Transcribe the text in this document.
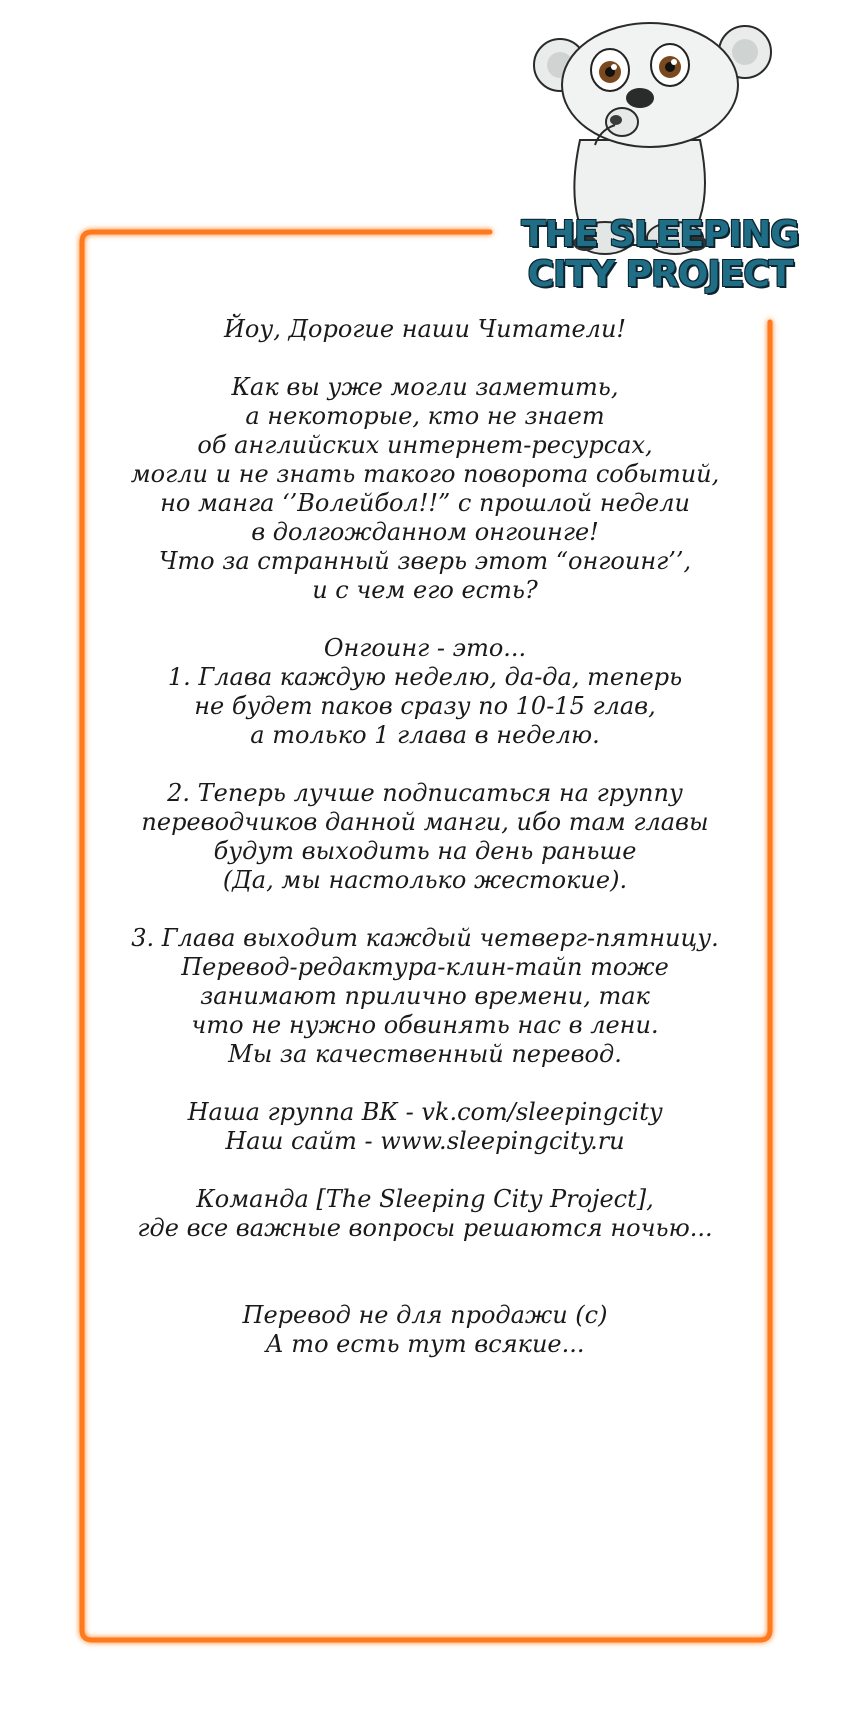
THE SLEEPING
CITY PROJECT

Йоу, Дорогие наши Читатели!

Как вы уже могли заметить,
а некоторые, кто не знает
об английских интернет-ресурсах,
могли и не знать такого поворота событий,
но манга ‘’Волейбол!!” с прошлой недели
в долгожданном онгоинге!
Что за странный зверь этот “онгоинг’’,
и с чем его есть?

Онгоинг - это...
1. Глава каждую неделю, да-да, теперь
не будет паков сразу по 10-15 глав,
а только 1 глава в неделю.

2. Теперь лучше подписаться на группу
переводчиков данной манги, ибо там главы
будут выходить на день раньше
(Да, мы настолько жестокие).

3. Глава выходит каждый четверг-пятницу.
Перевод-редактура-клин-тайп тоже
занимают прилично времени, так
что не нужно обвинять нас в лени.
Мы за качественный перевод.

Наша группа ВК - vk.com/sleepingcity
Наш сайт - www.sleepingcity.ru

Команда [The Sleeping City Project],
где все важные вопросы решаются ночью...

Перевод не для продажи (с)
А то есть тут всякие...
